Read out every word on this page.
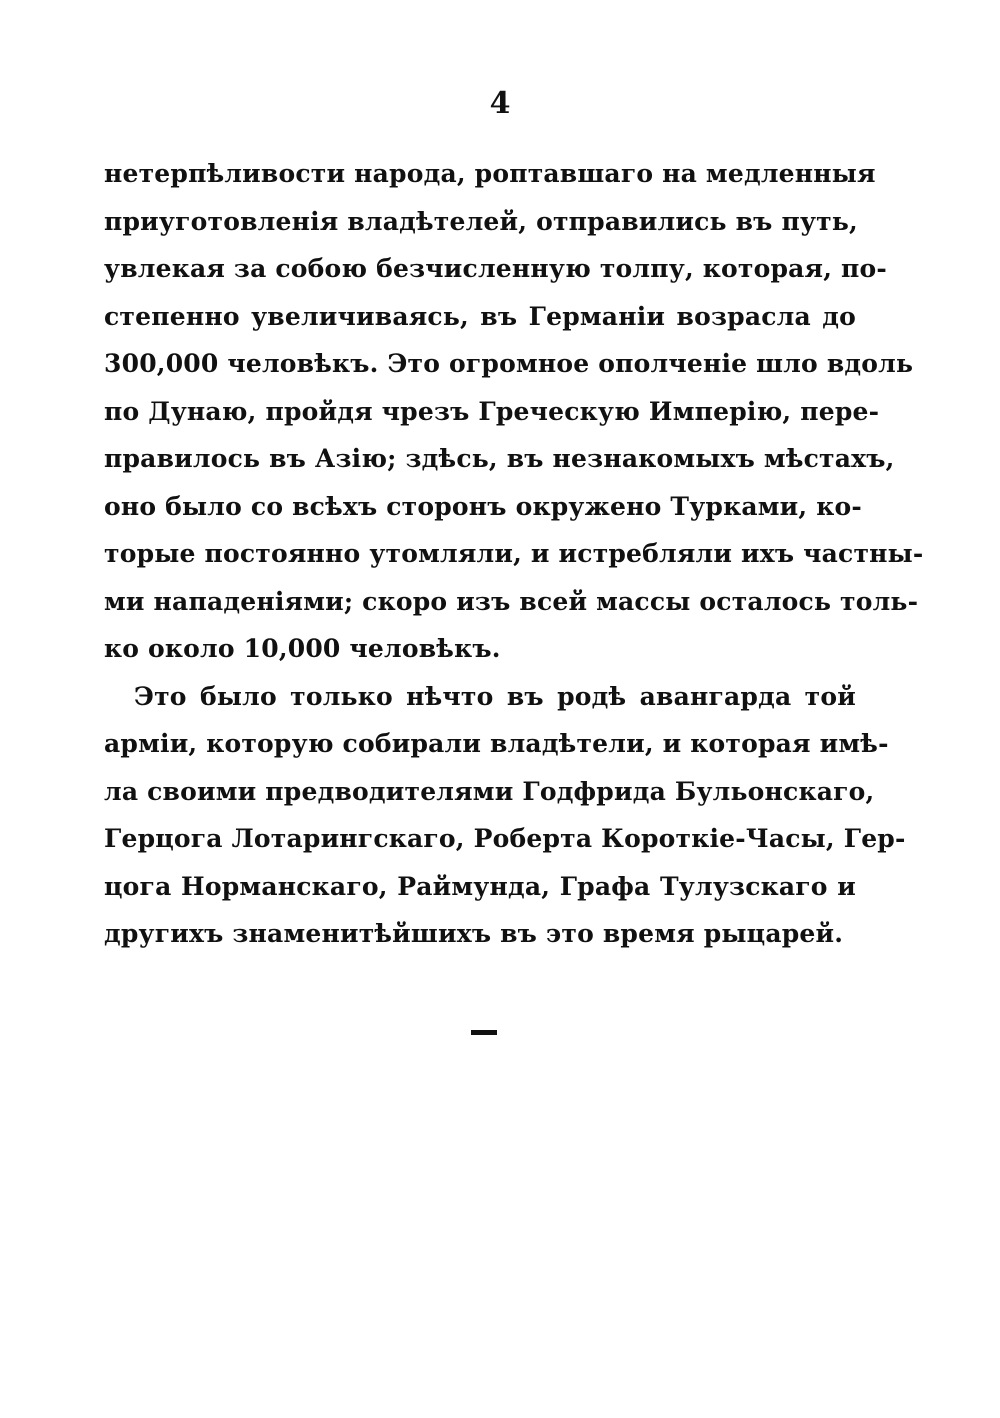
4
нетерпѣливости народа, роптавшаго на медленныя
приуготовленія владѣтелей, отправились въ путь,
увлекая за собою безчисленную толпу, которая, по-
степенно увеличиваясь, въ Германіи возрасла до
300,000 человѣкъ. Это огромное ополченіе шло вдоль
по Дунаю, пройдя чрезъ Греческую Имперію, пере-
правилось въ Азію; здѣсь, въ незнакомыхъ мѣстахъ,
оно было со всѣхъ сторонъ окружено Турками, ко-
торые постоянно утомляли, и истребляли ихъ частны-
ми нападеніями; скоро изъ всей массы осталось толь-
ко около 10,000 человѣкъ.
Это было только нѣчто въ родѣ авангарда той
арміи, которую собирали владѣтели, и которая имѣ-
ла своими предводителями Годфрида Бульонскаго,
Герцога Лотарингскаго, Роберта Короткіе-Часы, Гер-
цога Норманскаго, Раймунда, Графа Тулузскаго и
другихъ знаменитѣйшихъ въ это время рыцарей.
